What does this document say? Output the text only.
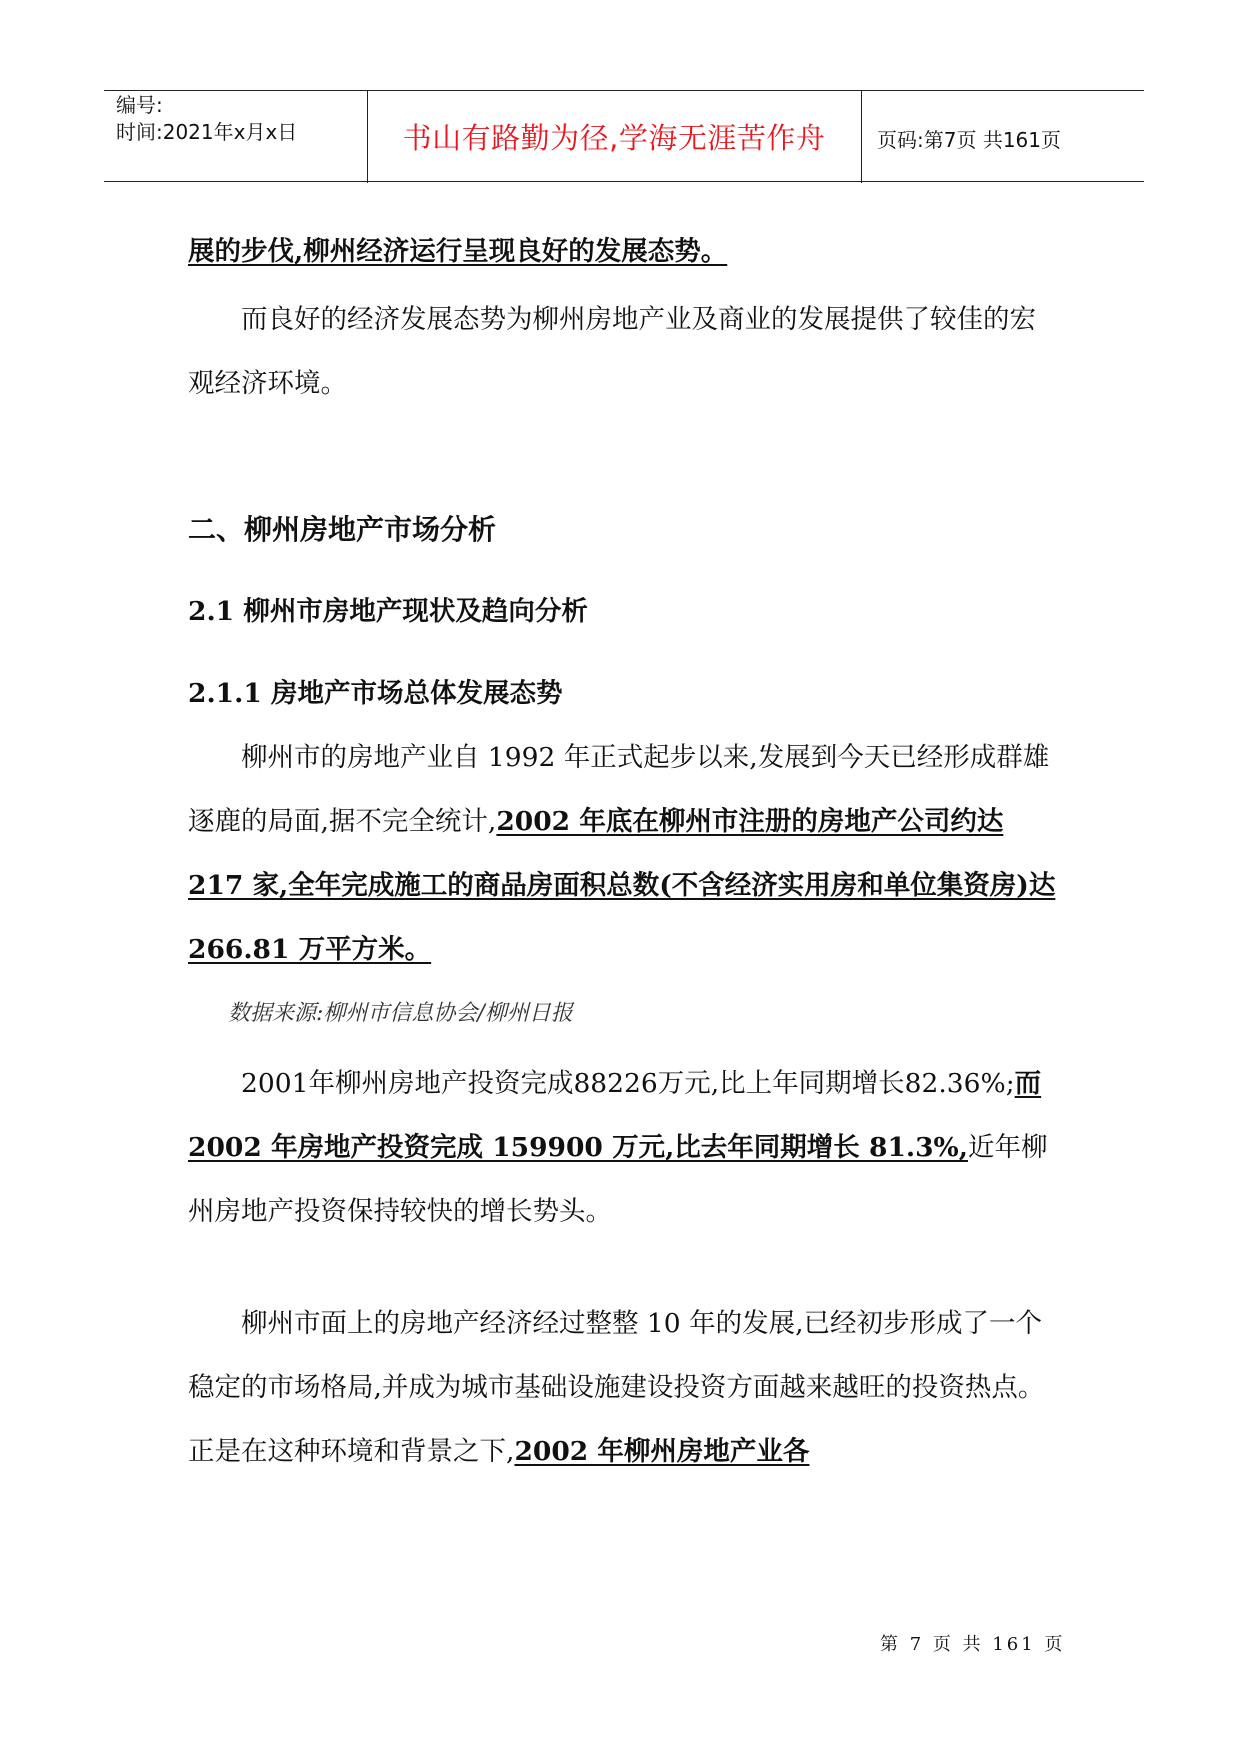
编号:
时间:2021年x月x日	书山有路勤为径,学海无涯苦作舟	页码:第7页 共161页

展的步伐,柳州经济运行呈现良好的发展态势。

而良好的经济发展态势为柳州房地产业及商业的发展提供了较佳的宏观经济环境。

二、柳州房地产市场分析

2.1 柳州市房地产现状及趋向分析

2.1.1 房地产市场总体发展态势

柳州市的房地产业自 1992 年正式起步以来,发展到今天已经形成群雄逐鹿的局面,据不完全统计,2002 年底在柳州市注册的房地产公司约达 217 家,全年完成施工的商品房面积总数(不含经济实用房和单位集资房)达 266.81 万平方米。

数据来源:柳州市信息协会/柳州日报

2001年柳州房地产投资完成88226万元,比上年同期增长82.36%;而 2002 年房地产投资完成 159900 万元,比去年同期增长 81.3%,近年柳州房地产投资保持较快的增长势头。

柳州市面上的房地产经济经过整整 10 年的发展,已经初步形成了一个稳定的市场格局,并成为城市基础设施建设投资方面越来越旺的投资热点。正是在这种环境和背景之下,2002 年柳州房地产业各

第 7 页 共 161 页
